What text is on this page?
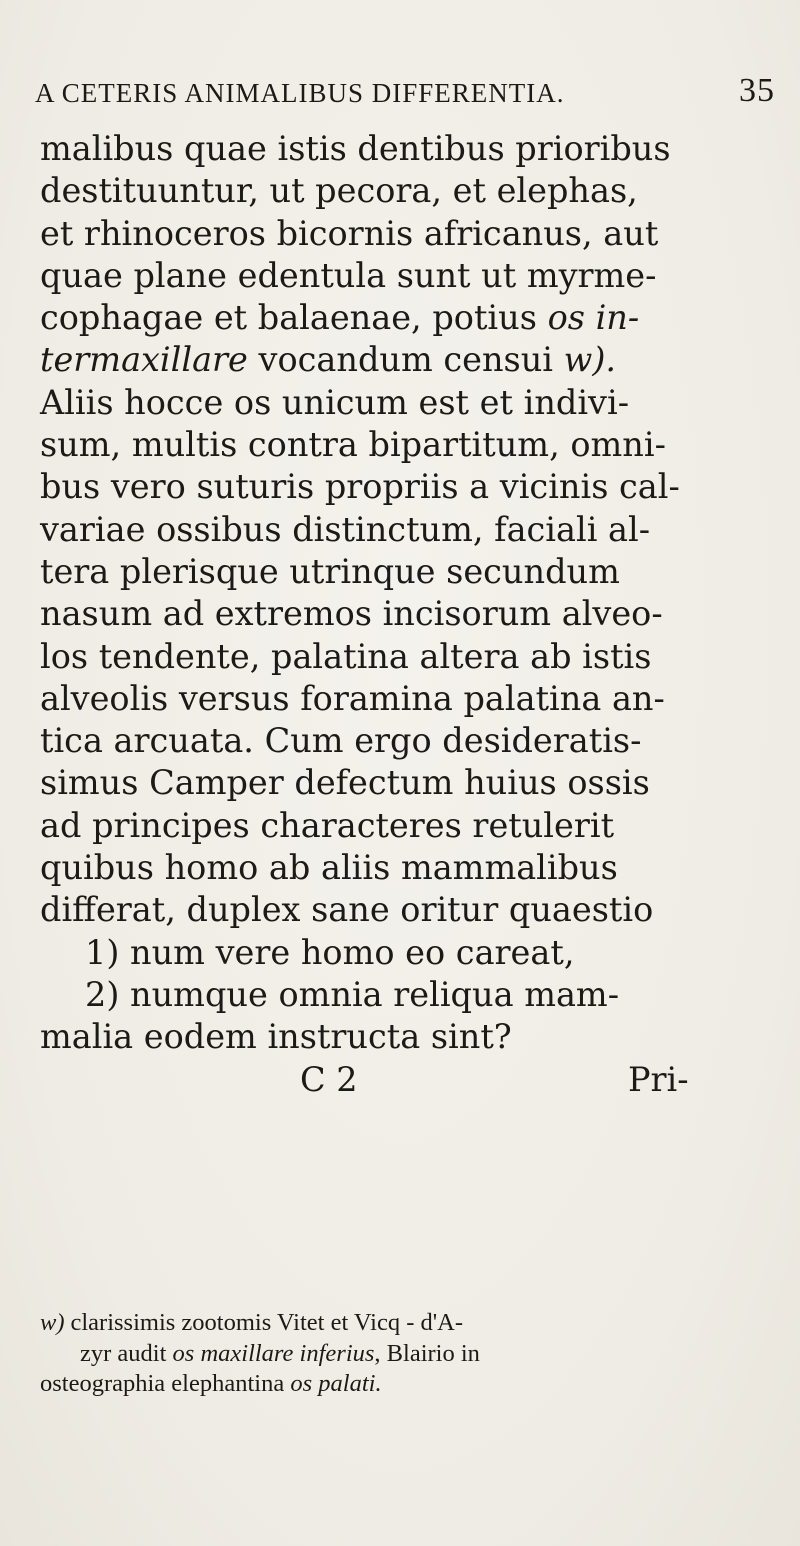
A CETERIS ANIMALIBUS DIFFERENTIA.	35
malibus quae istis dentibus prioribus
destituuntur, ut pecora, et elephas,
et rhinoceros bicornis africanus, aut
quae plane edentula sunt ut myrme-
cophagae et balaenae, potius os in-
termaxillare vocandum censui w).
Aliis hocce os unicum est et indivi-
sum, multis contra bipartitum, omni-
bus vero suturis propriis a vicinis cal-
variae ossibus distinctum, faciali al-
tera plerisque utrinque secundum
nasum ad extremos incisorum alveo-
los tendente, palatina altera ab istis
alveolis versus foramina palatina an-
tica arcuata. Cum ergo desideratis-
simus Camper defectum huius ossis
ad principes characteres retulerit
quibus homo ab aliis mammalibus
differat, duplex sane oritur quaestio
1) num vere homo eo careat,
2) numque omnia reliqua mam-
malia eodem instructa sint?
C 2	Pri-
w) clarissimis zootomis Vitet et Vicq - d'A-
zyr audit os maxillare inferius, Blairio in
osteographia elephantina os palati.
